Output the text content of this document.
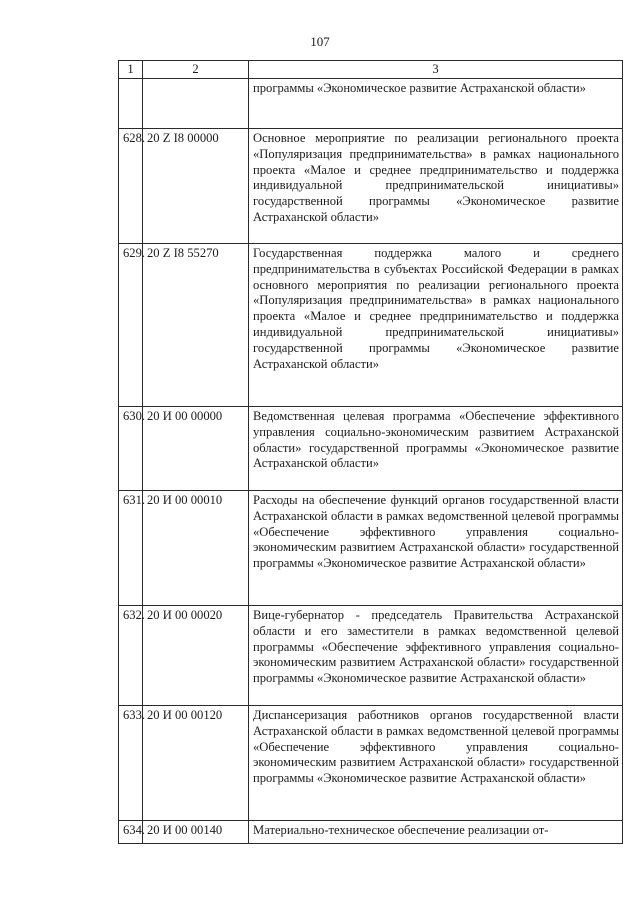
107
1	2	3
		программы «Экономическое развитие Астраханской области»
628.	20 Z I8 00000	Основное мероприятие по реализации регионального проекта «Популяризация предпринимательства» в рамках национального проекта «Малое и среднее предпринимательство и поддержка индивидуальной предпринимательской инициативы» государственной программы «Экономическое развитие Астраханской области»
629.	20 Z I8 55270	Государственная поддержка малого и среднего предпринимательства в субъектах Российской Федерации в рамках основного мероприятия по реализации регионального проекта «Популяризация предпринимательства» в рамках национального проекта «Малое и среднее предпринимательство и поддержка индивидуальной предпринимательской инициативы» государственной программы «Экономическое развитие Астраханской области»
630.	20 И 00 00000	Ведомственная целевая программа «Обеспечение эффективного управления социально-экономическим развитием Астраханской области» государственной программы «Экономическое развитие Астраханской области»
631.	20 И 00 00010	Расходы на обеспечение функций органов государственной власти Астраханской области в рамках ведомственной целевой программы «Обеспечение эффективного управления социально-экономическим развитием Астраханской области» государственной программы «Экономическое развитие Астраханской области»
632.	20 И 00 00020	Вице-губернатор - председатель Правительства Астраханской области и его заместители в рамках ведомственной целевой программы «Обеспечение эффективного управления социально-экономическим развитием Астраханской области» государственной программы «Экономическое развитие Астраханской области»
633.	20 И 00 00120	Диспансеризация работников органов государственной власти Астраханской области в рамках ведомственной целевой программы «Обеспечение эффективного управления социально-экономическим развитием Астраханской области» государственной программы «Экономическое развитие Астраханской области»
634.	20 И 00 00140	Материально-техническое обеспечение реализации от-
